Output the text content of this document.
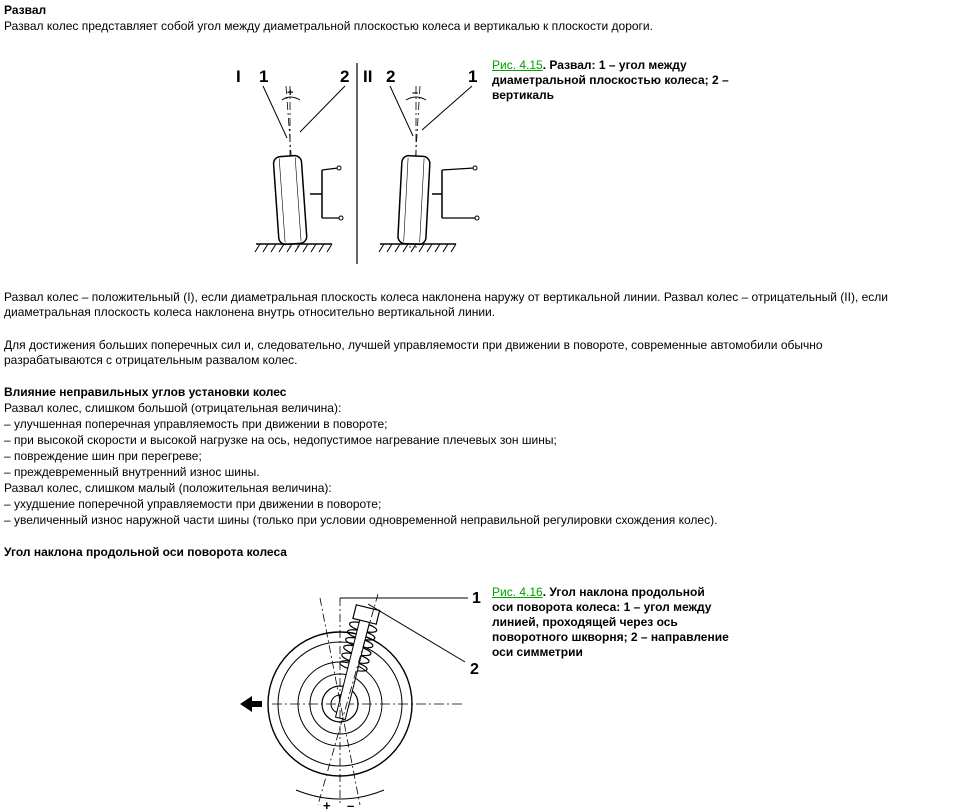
Развал
Развал колес представляет собой угол между диаметральной плоскостью колеса и вертикалью к плоскости дороги.
I 1	2
+
II 2	1
–
Рис. 4.15. Развал: 1 – угол между
диаметральной плоскостью колеса; 2 –
вертикаль
Развал колес – положительный (I), если диаметральная плоскость колеса наклонена наружу от вертикальной линии. Развал колес – отрицательный (II), если
диаметральная плоскость колеса наклонена внутрь относительно вертикальной линии.
Для достижения больших поперечных сил и, следовательно, лучшей управляемости при движении в повороте, современные автомобили обычно
разрабатываются с отрицательным развалом колес.
Влияние неправильных углов установки колес
Развал колес, слишком большой (отрицательная величина):
– улучшенная поперечная управляемость при движении в повороте;
– при высокой скорости и высокой нагрузке на ось, недопустимое нагревание плечевых зон шины;
– повреждение шин при перегреве;
– преждевременный внутренний износ шины.
Развал колес, слишком малый (положительная величина):
– ухудшение поперечной управляемости при движении в повороте;
– увеличенный износ наружной части шины (только при условии одновременной неправильной регулировки схождения колес).
Угол наклона продольной оси поворота колеса
1
2
+ –
Рис. 4.16. Угол наклона продольной
оси поворота колеса: 1 – угол между
линией, проходящей через ось
поворотного шкворня; 2 – направление
оси симметрии
